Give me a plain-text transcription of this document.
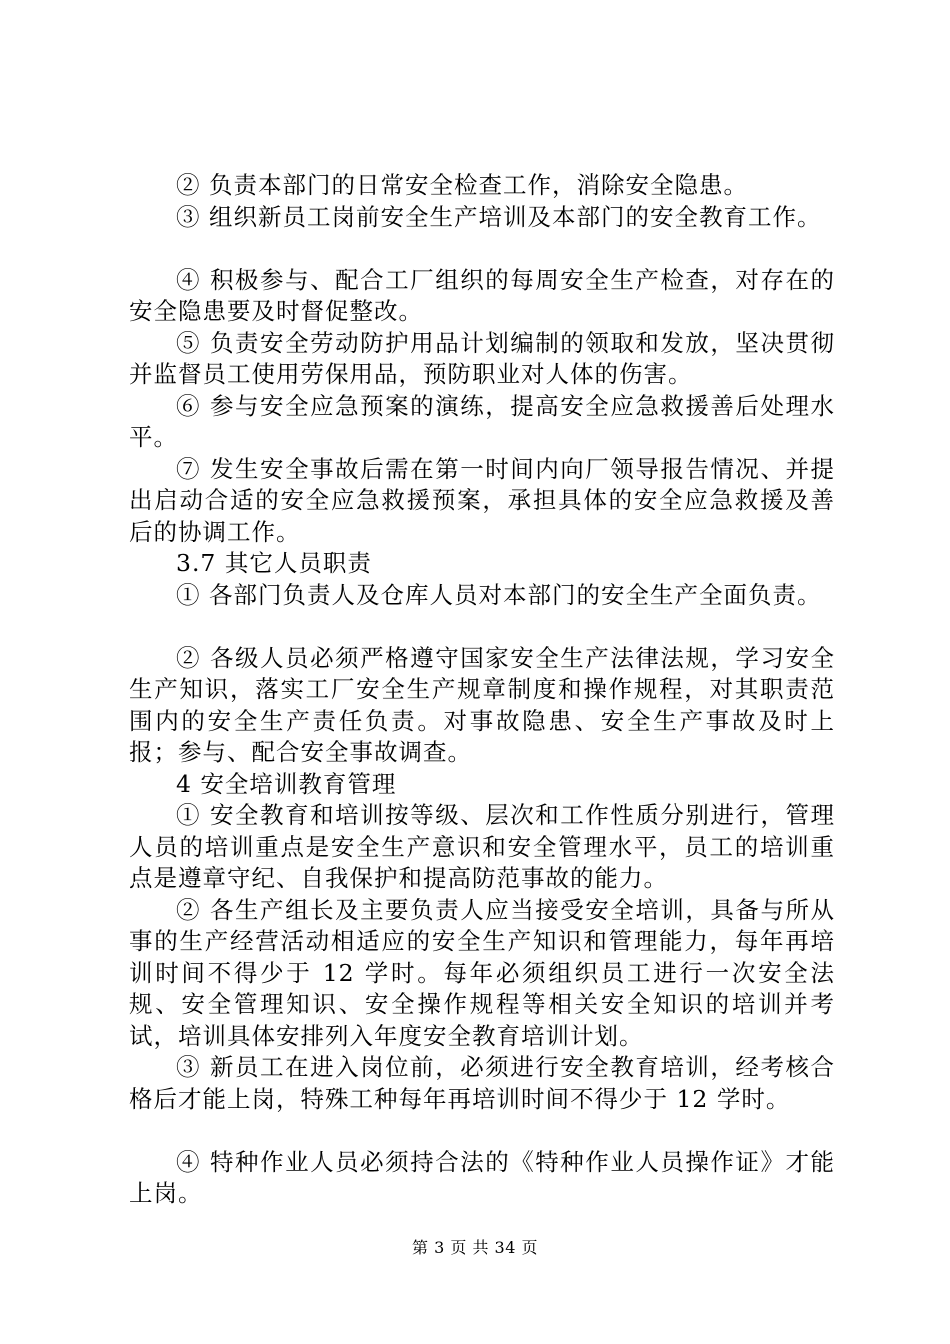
② 负责本部门的日常安全检查工作，消除安全隐患。

③ 组织新员工岗前安全生产培训及本部门的安全教育工作。

④ 积极参与、配合工厂组织的每周安全生产检查，对存在的安全隐患要及时督促整改。

⑤ 负责安全劳动防护用品计划编制的领取和发放，坚决贯彻并监督员工使用劳保用品，预防职业对人体的伤害。

⑥ 参与安全应急预案的演练，提高安全应急救援善后处理水平。

⑦ 发生安全事故后需在第一时间内向厂领导报告情况、并提出启动合适的安全应急救援预案，承担具体的安全应急救援及善后的协调工作。

3.7 其它人员职责

① 各部门负责人及仓库人员对本部门的安全生产全面负责。

② 各级人员必须严格遵守国家安全生产法律法规，学习安全生产知识，落实工厂安全生产规章制度和操作规程，对其职责范围内的安全生产责任负责。对事故隐患、安全生产事故及时上报；参与、配合安全事故调查。

4 安全培训教育管理

① 安全教育和培训按等级、层次和工作性质分别进行，管理人员的培训重点是安全生产意识和安全管理水平，员工的培训重点是遵章守纪、自我保护和提高防范事故的能力。

② 各生产组长及主要负责人应当接受安全培训，具备与所从事的生产经营活动相适应的安全生产知识和管理能力，每年再培训时间不得少于 12 学时。每年必须组织员工进行一次安全法规、安全管理知识、安全操作规程等相关安全知识的培训并考试，培训具体安排列入年度安全教育培训计划。

③ 新员工在进入岗位前，必须进行安全教育培训，经考核合格后才能上岗，特殊工种每年再培训时间不得少于 12 学时。

④ 特种作业人员必须持合法的《特种作业人员操作证》才能上岗。

第 3 页 共 34 页
